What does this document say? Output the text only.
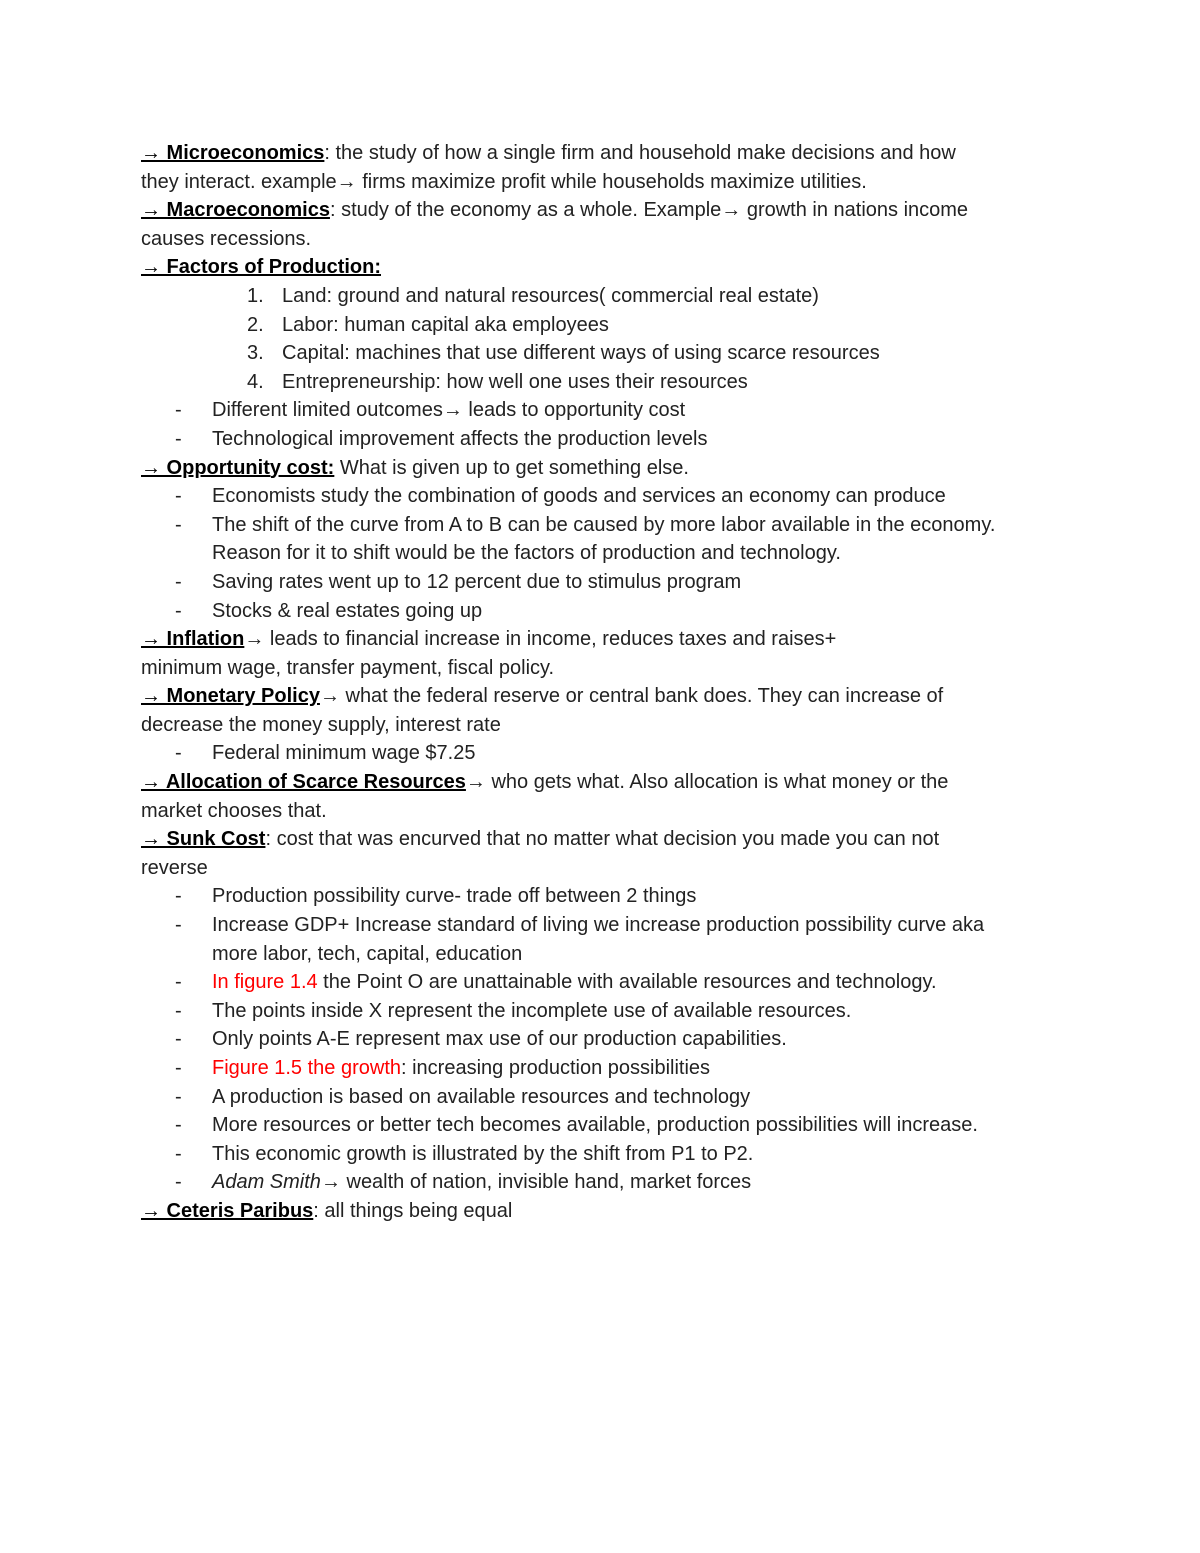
→ Microeconomics: the study of how a single firm and household make decisions and how
they interact. example→ firms maximize profit while households maximize utilities.
→ Macroeconomics: study of the economy as a whole. Example→ growth in nations income
causes recessions.
→ Factors of Production:
1. Land: ground and natural resources( commercial real estate)
2. Labor: human capital aka employees
3. Capital: machines that use different ways of using scarce resources
4. Entrepreneurship: how well one uses their resources
- Different limited outcomes→ leads to opportunity cost
- Technological improvement affects the production levels
→ Opportunity cost: What is given up to get something else.
- Economists study the combination of goods and services an economy can produce
- The shift of the curve from A to B can be caused by more labor available in the economy.
Reason for it to shift would be the factors of production and technology.
- Saving rates went up to 12 percent due to stimulus program
- Stocks & real estates going up
→ Inflation→ leads to financial increase in income, reduces taxes and raises+
minimum wage, transfer payment, fiscal policy.
→ Monetary Policy→ what the federal reserve or central bank does. They can increase of
decrease the money supply, interest rate
- Federal minimum wage $7.25
→ Allocation of Scarce Resources→ who gets what. Also allocation is what money or the
market chooses that.
→ Sunk Cost: cost that was encurved that no matter what decision you made you can not
reverse
- Production possibility curve- trade off between 2 things
- Increase GDP+ Increase standard of living we increase production possibility curve aka
more labor, tech, capital, education
- In figure 1.4 the Point O are unattainable with available resources and technology.
- The points inside X represent the incomplete use of available resources.
- Only points A-E represent max use of our production capabilities.
- Figure 1.5 the growth: increasing production possibilities
- A production is based on available resources and technology
- More resources or better tech becomes available, production possibilities will increase.
- This economic growth is illustrated by the shift from P1 to P2.
- Adam Smith→ wealth of nation, invisible hand, market forces
→ Ceteris Paribus: all things being equal
